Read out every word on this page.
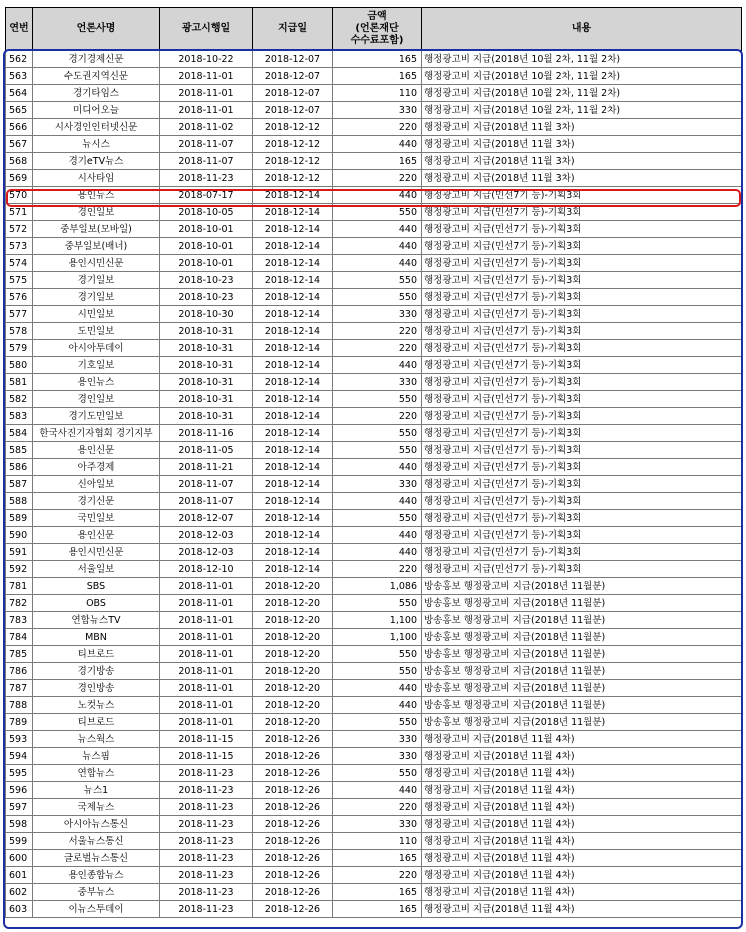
연번	언론사명	광고시행일	지급일	금액
(언론재단
수수료포함)	내용
562	경기경제신문	2018-10-22	2018-12-07	165	행정광고비 지급(2018년 10월 2차, 11월 2차)
563	수도권지역신문	2018-11-01	2018-12-07	165	행정광고비 지급(2018년 10월 2차, 11월 2차)
564	경기타임스	2018-11-01	2018-12-07	110	행정광고비 지급(2018년 10월 2차, 11월 2차)
565	미디어오늘	2018-11-01	2018-12-07	330	행정광고비 지급(2018년 10월 2차, 11월 2차)
566	시사경인인터넷신문	2018-11-02	2018-12-12	220	행정광고비 지급(2018년 11월 3차)
567	뉴시스	2018-11-07	2018-12-12	440	행정광고비 지급(2018년 11월 3차)
568	경기eTV뉴스	2018-11-07	2018-12-12	165	행정광고비 지급(2018년 11월 3차)
569	시사타임	2018-11-23	2018-12-12	220	행정광고비 지급(2018년 11월 3차)
570	용인뉴스	2018-07-17	2018-12-14	440	행정광고비 지급(민선7기 등)-기획3회
571	경인일보	2018-10-05	2018-12-14	550	행정광고비 지급(민선7기 등)-기획3회
572	중부일보(모바일)	2018-10-01	2018-12-14	440	행정광고비 지급(민선7기 등)-기획3회
573	중부일보(배너)	2018-10-01	2018-12-14	440	행정광고비 지급(민선7기 등)-기획3회
574	용인시민신문	2018-10-01	2018-12-14	440	행정광고비 지급(민선7기 등)-기획3회
575	경기일보	2018-10-23	2018-12-14	550	행정광고비 지급(민선7기 등)-기획3회
576	경기일보	2018-10-23	2018-12-14	550	행정광고비 지급(민선7기 등)-기획3회
577	시민일보	2018-10-30	2018-12-14	330	행정광고비 지급(민선7기 등)-기획3회
578	도민일보	2018-10-31	2018-12-14	220	행정광고비 지급(민선7기 등)-기획3회
579	아시아투데이	2018-10-31	2018-12-14	220	행정광고비 지급(민선7기 등)-기획3회
580	기호일보	2018-10-31	2018-12-14	440	행정광고비 지급(민선7기 등)-기획3회
581	용인뉴스	2018-10-31	2018-12-14	330	행정광고비 지급(민선7기 등)-기획3회
582	경인일보	2018-10-31	2018-12-14	550	행정광고비 지급(민선7기 등)-기획3회
583	경기도민일보	2018-10-31	2018-12-14	220	행정광고비 지급(민선7기 등)-기획3회
584	한국사진기자협회 경기지부	2018-11-16	2018-12-14	550	행정광고비 지급(민선7기 등)-기획3회
585	용인신문	2018-11-05	2018-12-14	550	행정광고비 지급(민선7기 등)-기획3회
586	아주경제	2018-11-21	2018-12-14	440	행정광고비 지급(민선7기 등)-기획3회
587	신아일보	2018-11-07	2018-12-14	330	행정광고비 지급(민선7기 등)-기획3회
588	경기신문	2018-11-07	2018-12-14	440	행정광고비 지급(민선7기 등)-기획3회
589	국민일보	2018-12-07	2018-12-14	550	행정광고비 지급(민선7기 등)-기획3회
590	용인신문	2018-12-03	2018-12-14	440	행정광고비 지급(민선7기 등)-기획3회
591	용인시민신문	2018-12-03	2018-12-14	440	행정광고비 지급(민선7기 등)-기획3회
592	서울일보	2018-12-10	2018-12-14	220	행정광고비 지급(민선7기 등)-기획3회
781	SBS	2018-11-01	2018-12-20	1,086	방송홍보 행정광고비 지급(2018년 11월분)
782	OBS	2018-11-01	2018-12-20	550	방송홍보 행정광고비 지급(2018년 11월분)
783	연합뉴스TV	2018-11-01	2018-12-20	1,100	방송홍보 행정광고비 지급(2018년 11월분)
784	MBN	2018-11-01	2018-12-20	1,100	방송홍보 행정광고비 지급(2018년 11월분)
785	티브로드	2018-11-01	2018-12-20	550	방송홍보 행정광고비 지급(2018년 11월분)
786	경기방송	2018-11-01	2018-12-20	550	방송홍보 행정광고비 지급(2018년 11월분)
787	경인방송	2018-11-01	2018-12-20	440	방송홍보 행정광고비 지급(2018년 11월분)
788	노컷뉴스	2018-11-01	2018-12-20	440	방송홍보 행정광고비 지급(2018년 11월분)
789	티브로드	2018-11-01	2018-12-20	550	방송홍보 행정광고비 지급(2018년 11월분)
593	뉴스웍스	2018-11-15	2018-12-26	330	행정광고비 지급(2018년 11월 4차)
594	뉴스핌	2018-11-15	2018-12-26	330	행정광고비 지급(2018년 11월 4차)
595	연합뉴스	2018-11-23	2018-12-26	550	행정광고비 지급(2018년 11월 4차)
596	뉴스1	2018-11-23	2018-12-26	440	행정광고비 지급(2018년 11월 4차)
597	국제뉴스	2018-11-23	2018-12-26	220	행정광고비 지급(2018년 11월 4차)
598	아시아뉴스통신	2018-11-23	2018-12-26	330	행정광고비 지급(2018년 11월 4차)
599	서울뉴스통신	2018-11-23	2018-12-26	110	행정광고비 지급(2018년 11월 4차)
600	글로벌뉴스통신	2018-11-23	2018-12-26	165	행정광고비 지급(2018년 11월 4차)
601	용인종합뉴스	2018-11-23	2018-12-26	220	행정광고비 지급(2018년 11월 4차)
602	중부뉴스	2018-11-23	2018-12-26	165	행정광고비 지급(2018년 11월 4차)
603	이뉴스투데이	2018-11-23	2018-12-26	165	행정광고비 지급(2018년 11월 4차)
